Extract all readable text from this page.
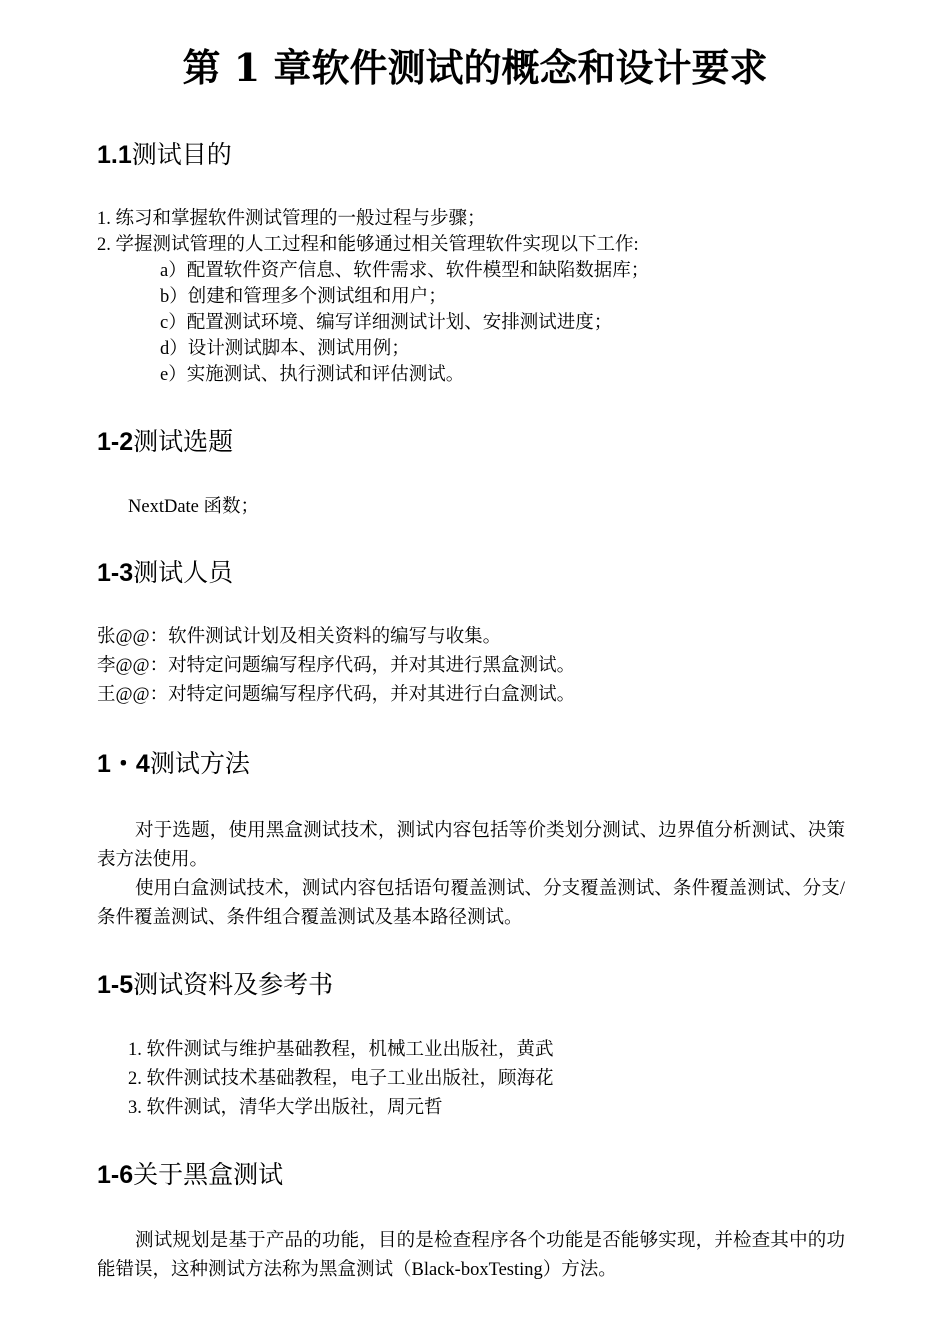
第 1 章软件测试的概念和设计要求
1.1测试目的
1. 练习和掌握软件测试管理的一般过程与步骤；
2. 学握测试管理的人工过程和能够通过相关管理软件实现以下工作:
a）配置软件资产信息、软件需求、软件模型和缺陷数据库；
b）创建和管理多个测试组和用户；
c）配置测试环境、编写详细测试计划、安排测试进度；
d）设计测试脚本、测试用例；
e）实施测试、执行测试和评估测试。
1-2测试选题
NextDate 函数；
1-3测试人员
张@@：软件测试计划及相关资料的编写与收集。
李@@：对特定问题编写程序代码，并对其进行黑盒测试。
王@@：对特定问题编写程序代码，并对其进行白盒测试。
1・4测试方法
对于选题，使用黑盒测试技术，测试内容包括等价类划分测试、边界值分析测试、决策表方法使用。
使用白盒测试技术，测试内容包括语句覆盖测试、分支覆盖测试、条件覆盖测试、分支/条件覆盖测试、条件组合覆盖测试及基本路径测试。
1-5测试资料及参考书
1. 软件测试与维护基础教程，机械工业出版社，黄武
2. 软件测试技术基础教程，电子工业出版社，顾海花
3. 软件测试，清华大学出版社，周元哲
1-6关于黑盒测试
测试规划是基于产品的功能，目的是检查程序各个功能是否能够实现，并检查其中的功能错误，这种测试方法称为黑盒测试（Black-boxTesting）方法。
